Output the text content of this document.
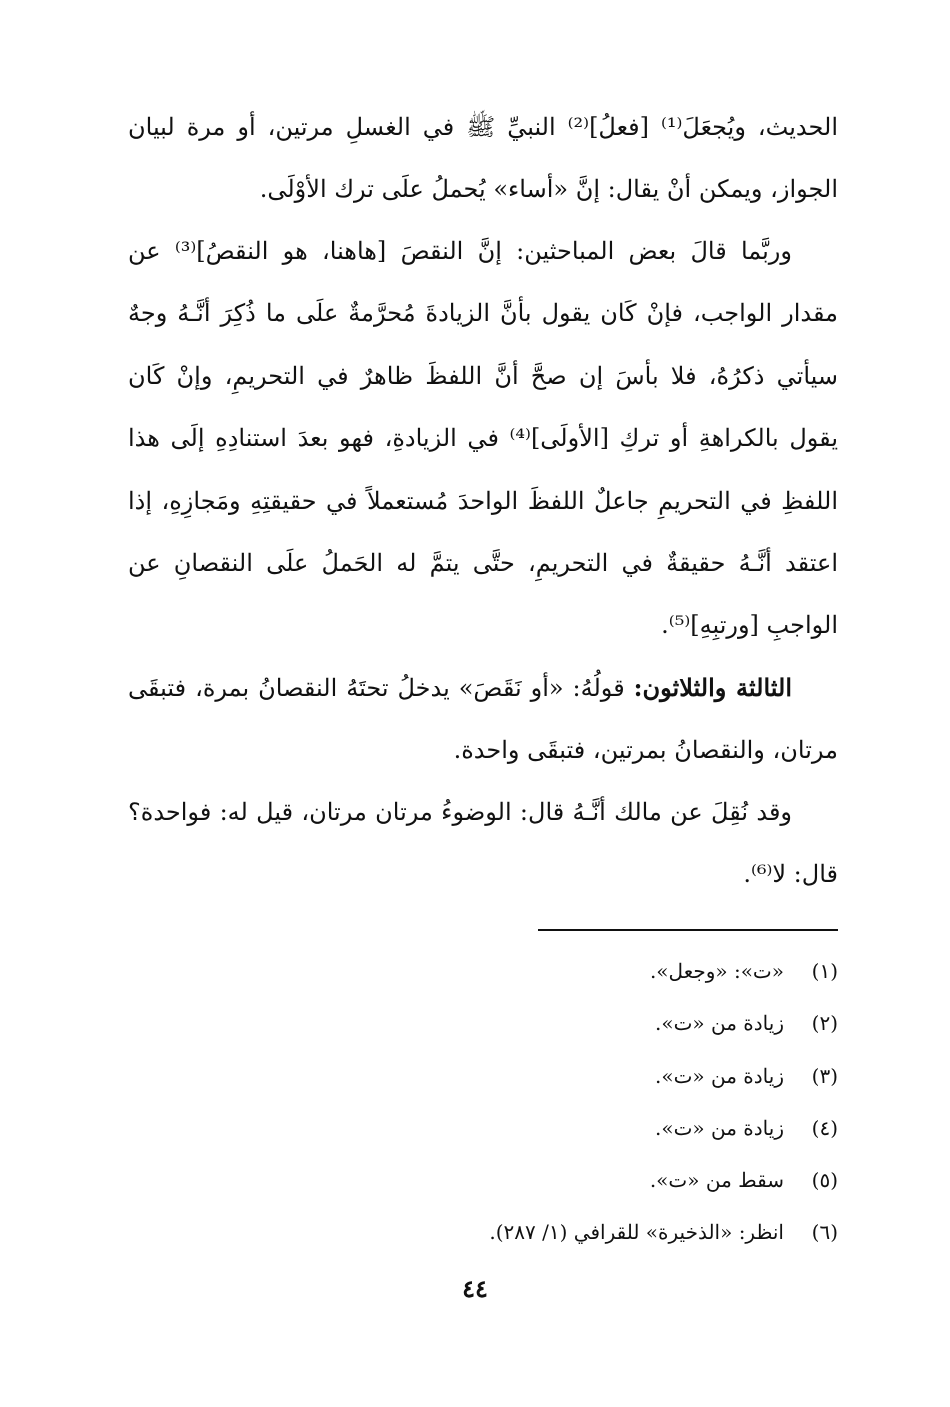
الحديث، ويُجعَلَ⁽¹⁾ [فعلُ]⁽²⁾ النبيِّ ﷺ في الغسلِ مرتين، أو مرة لبيان الجواز، ويمكن أنْ يقال: إنَّ «أساء» يُحملُ علَى ترك الأوْلَى.

وربَّما قالَ بعض المباحثين: إنَّ النقصَ [هاهنا، هو النقصُ]⁽³⁾ عن مقدار الواجب، فإنْ كَان يقول بأنَّ الزيادةَ مُحرَّمةٌ علَى ما ذُكِرَ أنَّـهُ وجهٌ سيأتي ذكرُهُ، فلا بأسَ إن صحَّ أنَّ اللفظَ ظاهرٌ في التحريمِ، وإنْ كَان يقول بالكراهةِ أو تركِ [الأولَى]⁽⁴⁾ في الزيادةِ، فهو بعدَ استنادِهِ إلَى هذا اللفظِ في التحريمِ جاعلٌ اللفظَ الواحدَ مُستعملاً في حقيقتِهِ ومَجازِهِ، إذا اعتقد أنَّـهُ حقيقةٌ في التحريمِ، حتَّى يتمَّ له الحَملُ علَى النقصانِ عن الواجبِ [ورتبِهِ]⁽⁵⁾.

الثالثة والثلاثون: قولُهُ: «أو نَقَصَ» يدخلُ تحتَهُ النقصانُ بمرة، فتبقَى مرتان، والنقصانُ بمرتين، فتبقَى واحدة.

وقد نُقِلَ عن مالك أنَّـهُ قال: الوضوءُ مرتان مرتان، قيل له: فواحدة؟ قال: لا⁽⁶⁾.

(١)«ت»: «وجعل».
(٢)زيادة من «ت».
(٣)زيادة من «ت».
(٤)زيادة من «ت».
(٥)سقط من «ت».
(٦)انظر: «الذخيرة» للقرافي (١/ ٢٨٧).
٤٤
